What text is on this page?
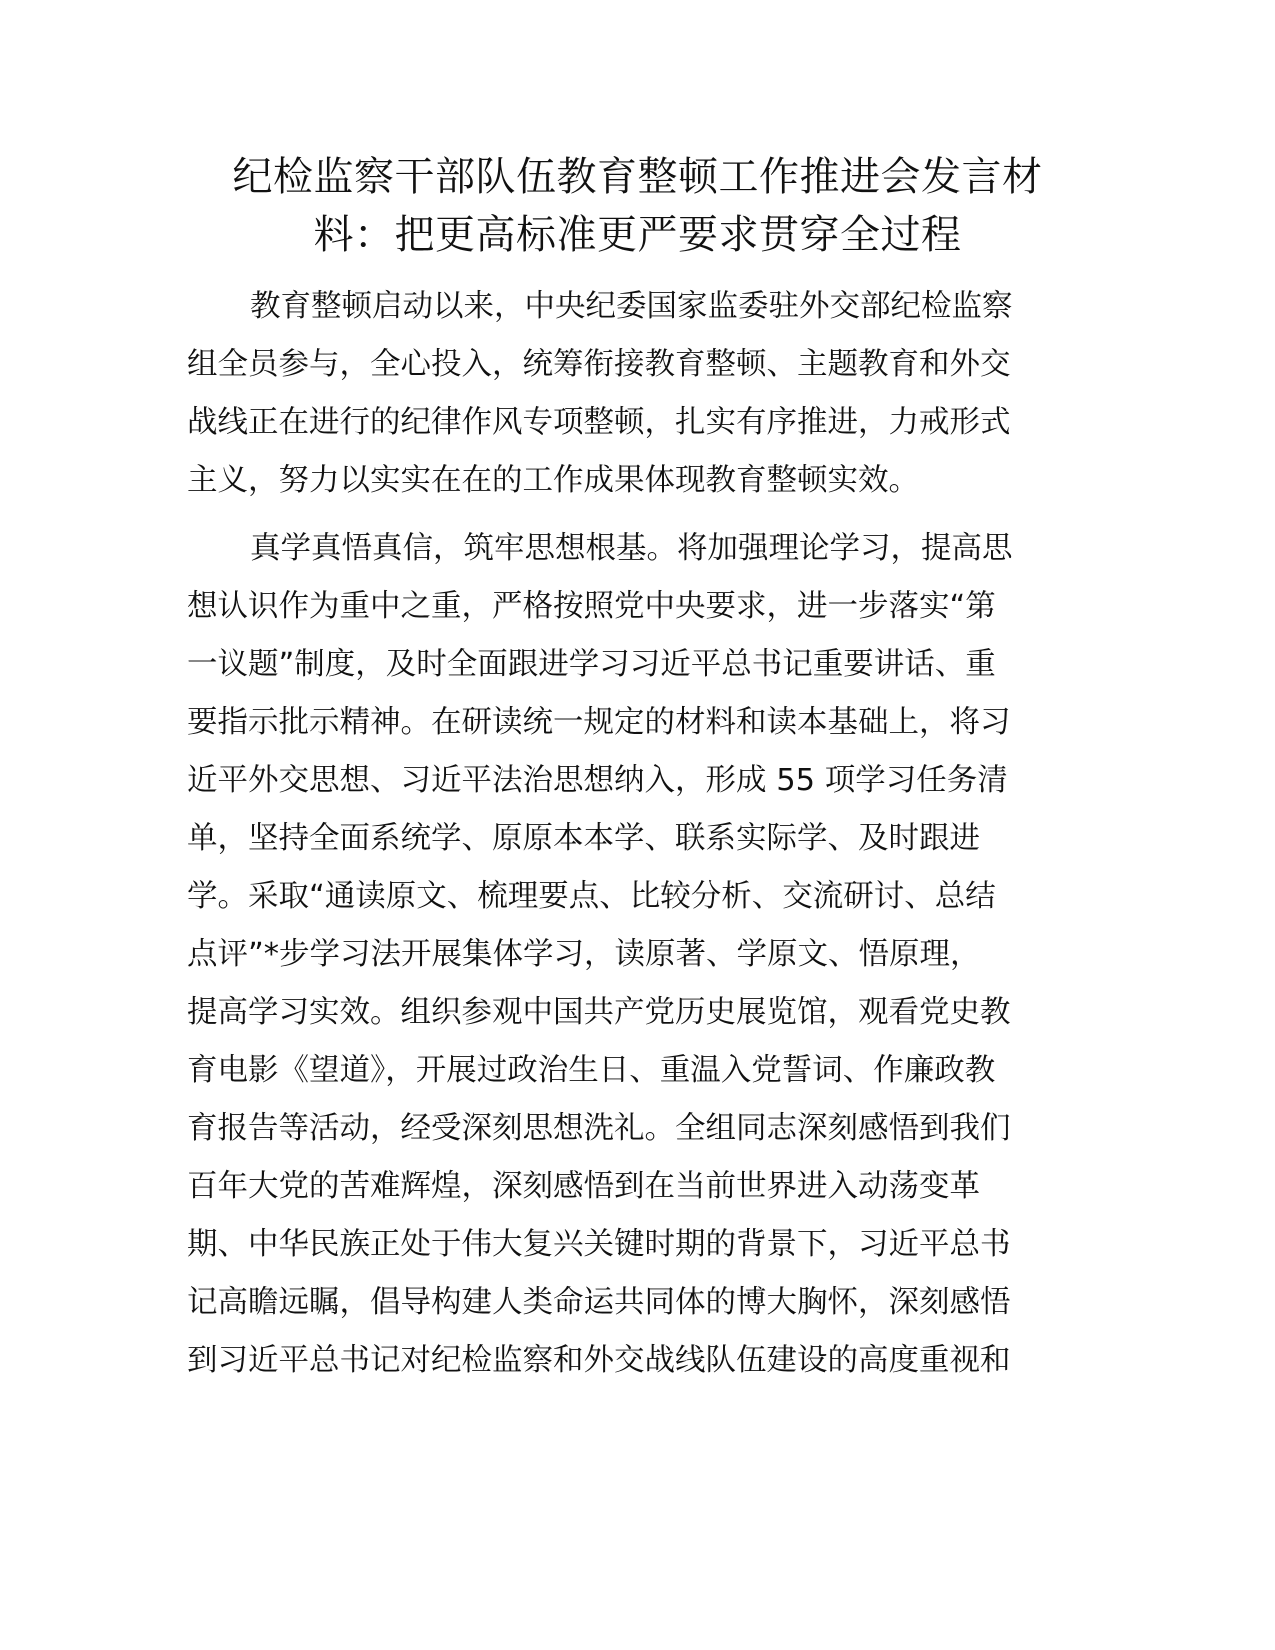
纪检监察干部队伍教育整顿工作推进会发言材
料：把更高标准更严要求贯穿全过程
教育整顿启动以来，中央纪委国家监委驻外交部纪检监察
组全员参与，全心投入，统筹衔接教育整顿、主题教育和外交
战线正在进行的纪律作风专项整顿，扎实有序推进，力戒形式
主义，努力以实实在在的工作成果体现教育整顿实效。
真学真悟真信，筑牢思想根基。将加强理论学习，提高思
想认识作为重中之重，严格按照党中央要求，进一步落实“第
一议题”制度，及时全面跟进学习习近平总书记重要讲话、重
要指示批示精神。在研读统一规定的材料和读本基础上，将习
近平外交思想、习近平法治思想纳入，形成 55 项学习任务清
单，坚持全面系统学、原原本本学、联系实际学、及时跟进
学。采取“通读原文、梳理要点、比较分析、交流研讨、总结
点评”*步学习法开展集体学习，读原著、学原文、悟原理，
提高学习实效。组织参观中国共产党历史展览馆，观看党史教
育电影《望道》，开展过政治生日、重温入党誓词、作廉政教
育报告等活动，经受深刻思想洗礼。全组同志深刻感悟到我们
百年大党的苦难辉煌，深刻感悟到在当前世界进入动荡变革
期、中华民族正处于伟大复兴关键时期的背景下，习近平总书
记高瞻远瞩，倡导构建人类命运共同体的博大胸怀，深刻感悟
到习近平总书记对纪检监察和外交战线队伍建设的高度重视和
